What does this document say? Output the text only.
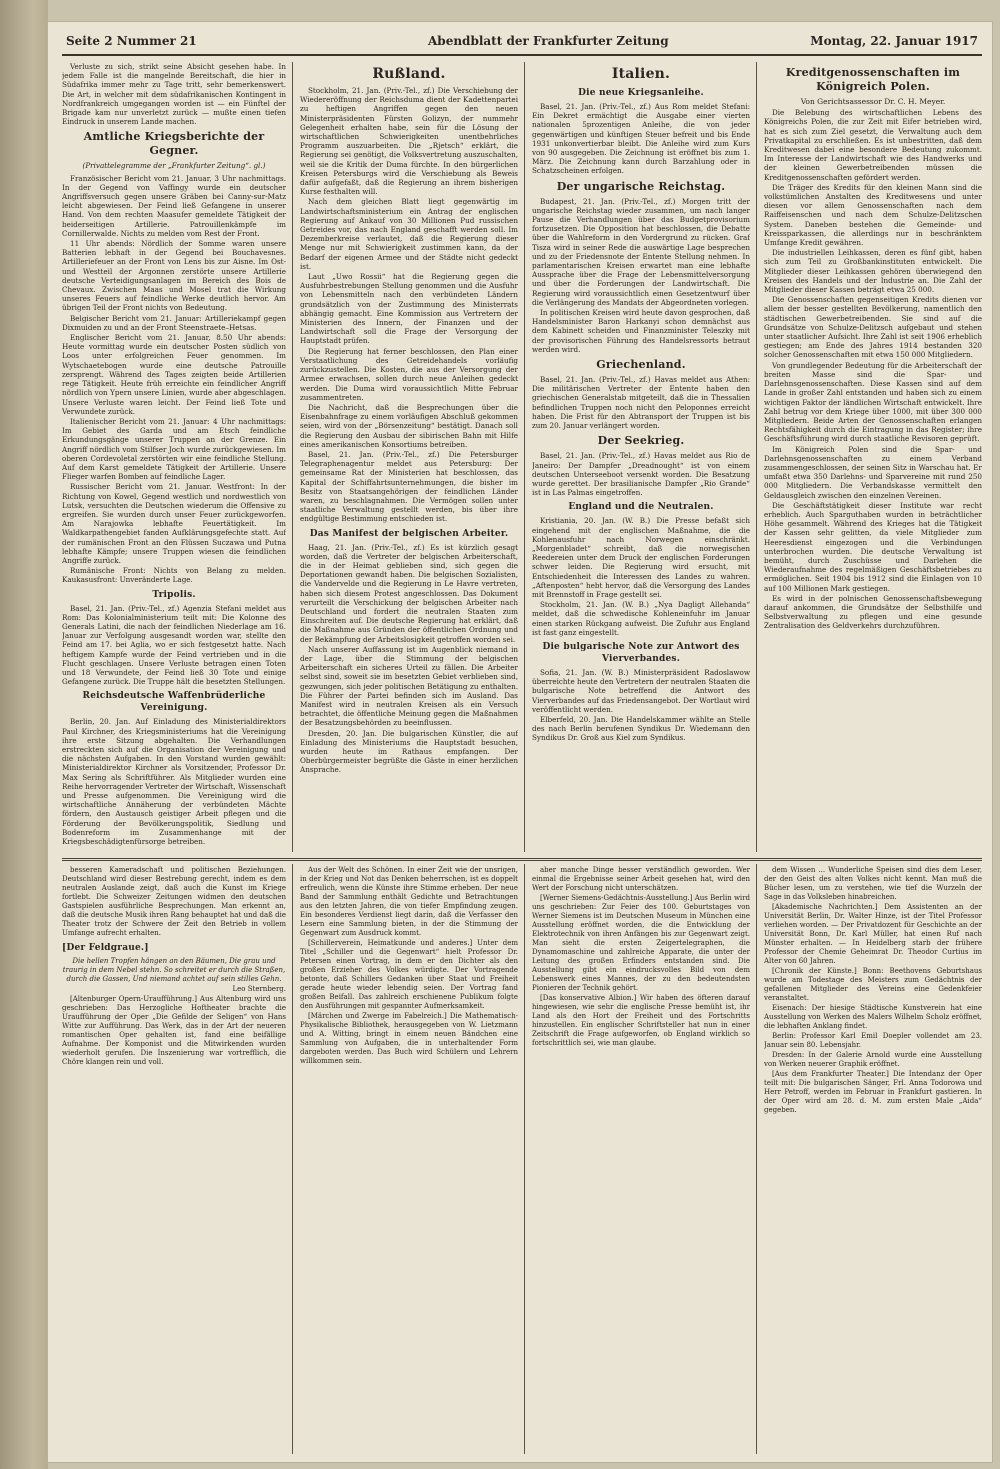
Seite 2 Nummer 21	Abendblatt der Frankfurter Zeitung	Montag, 22. Januar 1917

Verluste zu sich, strikt seine Absicht gesehen habe. In jedem Falle ist die mangelnde Bereitschaft, die hier in Südafrika immer mehr zu Tage tritt, sehr bemerkenswert. Die Art, in welcher mit dem südafrikanischen Kontingent in Nordfrankreich umgegangen worden ist — ein Fünftel der Brigade kam nur unverletzt zurück — mußte einen tiefen Eindruck in unserem Lande machen.

Amtliche Kriegsberichte der Gegner.
(Privattelegramme der „Frankfurter Zeitung“. gl.)

Französischer Bericht vom 21. Januar, 3 Uhr nachmittags. In der Gegend von Vaffingy wurde ein deutscher Angriffsversuch gegen unsere Gräben bei Canny-sur-Matz leicht abgewiesen. Der Feind ließ Gefangene in unserer Hand. Von dem rechten Maasufer gemeldete Tätigkeit der beiderseitigen Artillerie. Patrouillenkämpfe im Cornillerwalde. Nichts zu melden vom Rest der Front.

11 Uhr abends: Nördlich der Somme waren unsere Batterien lebhaft in der Gegend bei Bouchavesnes. Artilleriefeuer an der Front von Lens bis zur Aisne. Im Ost- und Westteil der Argonnen zerstörte unsere Artillerie deutsche Verteidigungsanlagen im Bereich des Bois de Chevaux. Zwischen Maas und Mosel trat die Wirkung unseres Feuers auf feindliche Werke deutlich hervor. Am übrigen Teil der Front nichts von Bedeutung.

Belgischer Bericht vom 21. Januar: Artilleriekampf gegen Dixmuiden zu und an der Front Steenstraete–Hetsas.

Englischer Bericht vom 21. Januar, 8.50 Uhr abends: Heute vormittag wurde ein deutscher Posten südlich von Loos unter erfolgreichen Feuer genommen. Im Wytschaetebogen wurde eine deutsche Patrouille zersprengt. Während des Tages zeigten beide Artillerien rege Tätigkeit. Heute früh erreichte ein feindlicher Angriff nördlich von Ypern unsere Linien, wurde aber abgeschlagen. Unsere Verluste waren leicht. Der Feind ließ Tote und Verwundete zurück.

Italienischer Bericht vom 21. Januar: 4 Uhr nachmittags: Im Gebiet des Garda und am Etsch feindliche Erkundungsgänge unserer Truppen an der Grenze. Ein Angriff nördlich vom Stilfser Joch wurde zurückgewiesen. Im oberen Cordevoletal zerstörten wir eine feindliche Stellung. Auf dem Karst gemeldete Tätigkeit der Artillerie. Unsere Flieger warfen Bomben auf feindliche Lager.

Russischer Bericht vom 21. Januar. Westfront: In der Richtung von Kowel, Gegend westlich und nordwestlich von Lutsk, versuchten die Deutschen wiederum die Offensive zu ergreifen. Sie wurden durch unser Feuer zurückgeworfen. Am Narajowka lebhafte Feuertätigkeit. Im Waldkarpathengebiet fanden Aufklärungsgefechte statt. Auf der rumänischen Front an den Flüssen Suczawa und Putna lebhafte Kämpfe; unsere Truppen wiesen die feindlichen Angriffe zurück.

Rumänische Front: Nichts von Belang zu melden. Kaukasusfront: Unveränderte Lage.

Tripolis.

Basel, 21. Jan. (Priv.-Tel., zf.) Agenzia Stefani meldet aus Rom: Das Kolonialministerium teilt mit: Die Kolonne des Generals Latini, die nach der feindlichen Niederlage am 16. Januar zur Verfolgung ausgesandt worden war, stellte den Feind am 17. bei Aglia, wo er sich festgesetzt hatte. Nach heftigem Kampfe wurde der Feind vertrieben und in die Flucht geschlagen. Unsere Verluste betragen einen Toten und 18 Verwundete, der Feind ließ 30 Tote und einige Gefangene zurück. Die Truppe hält die besetzten Stellungen.

Reichsdeutsche Waffenbrüderliche Vereinigung.

Berlin, 20. Jan. Auf Einladung des Ministerialdirektors Paul Kirchner, des Kriegsministeriums hat die Vereinigung ihre erste Sitzung abgehalten. Die Verhandlungen erstreckten sich auf die Organisation der Vereinigung und die nächsten Aufgaben. In den Vorstand wurden gewählt: Ministerialdirektor Kirchner als Vorsitzender, Professor Dr. Max Sering als Schriftführer. Als Mitglieder wurden eine Reihe hervorragender Vertreter der Wirtschaft, Wissenschaft und Presse aufgenommen. Die Vereinigung wird die wirtschaftliche Annäherung der verbündeten Mächte fördern, den Austausch geistiger Arbeit pflegen und die Förderung der Bevölkerungspolitik, Siedlung und Bodenreform im Zusammenhange mit der Kriegsbeschädigtenfürsorge betreiben.

Rußland.

Stockholm, 21. Jan. (Priv.-Tel., zf.) Die Verschiebung der Wiedereröffnung der Reichsduma dient der Kadettenpartei zu heftigen Angriffen gegen den neuen Ministerpräsidenten Fürsten Golizyn, der nummehr Gelegenheit erhalten habe, sein für die Lösung der wirtschaftlichen Schwierigkeiten unentbehrliches Programm auszuarbeiten. Die „Rjetsch“ erklärt, die Regierung sei genötigt, die Volksvertretung auszuschalten, weil sie die Kritik der Duma fürchte. In den bürgerlichen Kreisen Petersburgs wird die Verschiebung als Beweis dafür aufgefaßt, daß die Regierung an ihrem bisherigen Kurse festhalten will.

Nach dem gleichen Blatt liegt gegenwärtig im Landwirtschaftsministerium ein Antrag der englischen Regierung auf Ankauf von 30 Millionen Pud russischen Getreides vor, das nach England geschafft werden soll. Im Dezemberkreise verlautet, daß die Regierung dieser Menge nur mit Schwierigkeit zustimmen kann, da der Bedarf der eigenen Armee und der Städte nicht gedeckt ist.

Laut „Uwo Rossii“ hat die Regierung gegen die Ausfuhrbestrebungen Stellung genommen und die Ausfuhr von Lebensmitteln nach den verbündeten Ländern grundsätzlich von der Zustimmung des Ministerrats abhängig gemacht. Eine Kommission aus Vertretern der Ministerien des Innern, der Finanzen und der Landwirtschaft soll die Frage der Versorgung der Hauptstadt prüfen.

Die Regierung hat ferner beschlossen, den Plan einer Verstaatlichung des Getreidehandels vorläufig zurückzustellen. Die Kosten, die aus der Versorgung der Armee erwachsen, sollen durch neue Anleihen gedeckt werden. Die Duma wird voraussichtlich Mitte Februar zusammentreten.

Die Nachricht, daß die Besprechungen über die Eisenbahnfrage zu einem vorläufigen Abschluß gekommen seien, wird von der „Börsenzeitung“ bestätigt. Danach soll die Regierung den Ausbau der sibirischen Bahn mit Hilfe eines amerikanischen Konsortiums betreiben.

Basel, 21. Jan. (Priv.-Tel., zf.) Die Petersburger Telegraphenagentur meldet aus Petersburg: Der gemeinsame Rat der Ministerien hat beschlossen, das Kapital der Schiffahrtsunternehmungen, die bisher im Besitz von Staatsangehörigen der feindlichen Länder waren, zu beschlagnahmen. Die Vermögen sollen unter staatliche Verwaltung gestellt werden, bis über ihre endgültige Bestimmung entschieden ist.

Das Manifest der belgischen Arbeiter.

Haag, 21. Jan. (Priv.-Tel., zf.) Es ist kürzlich gesagt worden, daß die Vertreter der belgischen Arbeiterschaft, die in der Heimat geblieben sind, sich gegen die Deportationen gewandt haben. Die belgischen Sozialisten, die Vandervelde und die Regierung in Le Havre vertreten, haben sich diesem Protest angeschlossen. Das Dokument verurteilt die Verschickung der belgischen Arbeiter nach Deutschland und fordert die neutralen Staaten zum Einschreiten auf. Die deutsche Regierung hat erklärt, daß die Maßnahme aus Gründen der öffentlichen Ordnung und der Bekämpfung der Arbeitslosigkeit getroffen worden sei.

Nach unserer Auffassung ist im Augenblick niemand in der Lage, über die Stimmung der belgischen Arbeiterschaft ein sicheres Urteil zu fällen. Die Arbeiter selbst sind, soweit sie im besetzten Gebiet verblieben sind, gezwungen, sich jeder politischen Betätigung zu enthalten. Die Führer der Partei befinden sich im Ausland. Das Manifest wird in neutralen Kreisen als ein Versuch betrachtet, die öffentliche Meinung gegen die Maßnahmen der Besatzungsbehörden zu beeinflussen.

Dresden, 20. Jan. Die bulgarischen Künstler, die auf Einladung des Ministeriums die Hauptstadt besuchen, wurden heute im Rathaus empfangen. Der Oberbürgermeister begrüßte die Gäste in einer herzlichen Ansprache.

Italien.
Die neue Kriegsanleihe.

Basel, 21. Jan. (Priv.-Tel., zf.) Aus Rom meldet Stefani: Ein Dekret ermächtigt die Ausgabe einer vierten nationalen 5prozentigen Anleihe, die von jeder gegenwärtigen und künftigen Steuer befreit und bis Ende 1931 unkonvertierbar bleibt. Die Anleihe wird zum Kurs von 90 ausgegeben. Die Zeichnung ist eröffnet bis zum 1. März. Die Zeichnung kann durch Barzahlung oder in Schatzscheinen erfolgen.

Der ungarische Reichstag.

Budapest, 21. Jan. (Priv.-Tel., zf.) Morgen tritt der ungarische Reichstag wieder zusammen, um nach langer Pause die Verhandlungen über das Budgetprovisorium fortzusetzen. Die Opposition hat beschlossen, die Debatte über die Wahlreform in den Vordergrund zu rücken. Graf Tisza wird in seiner Rede die auswärtige Lage besprechen und zu der Friedensnote der Entente Stellung nehmen. In parlamentarischen Kreisen erwartet man eine lebhafte Aussprache über die Frage der Lebensmittelversorgung und über die Forderungen der Landwirtschaft. Die Regierung wird voraussichtlich einen Gesetzentwurf über die Verlängerung des Mandats der Abgeordneten vorlegen.

In politischen Kreisen wird heute davon gesprochen, daß Handelsminister Baron Harkanyi schon demnächst aus dem Kabinett scheiden und Finanzminister Teleszky mit der provisorischen Führung des Handelsressorts betraut werden wird.

Griechenland.

Basel, 21. Jan. (Priv.-Tel., zf.) Havas meldet aus Athen: Die militärischen Vertreter der Entente haben den griechischen Generalstab mitgeteilt, daß die in Thessalien befindlichen Truppen noch nicht den Peloponnes erreicht haben. Die Frist für den Abtransport der Truppen ist bis zum 20. Januar verlängert worden.

Der Seekrieg.

Basel, 21. Jan. (Priv.-Tel., zf.) Havas meldet aus Rio de Janeiro: Der Dampfer „Dreadnought“ ist von einem deutschen Unterseeboot versenkt worden. Die Besatzung wurde gerettet. Der brasilianische Dampfer „Rio Grande“ ist in Las Palmas eingetroffen.

England und die Neutralen.

Kristiania, 20. Jan. (W. B.) Die Presse befaßt sich eingehend mit der englischen Maßnahme, die die Kohlenausfuhr nach Norwegen einschränkt. „Morgenbladet“ schreibt, daß die norwegischen Reedereien unter dem Druck der englischen Forderungen schwer leiden. Die Regierung wird ersucht, mit Entschiedenheit die Interessen des Landes zu wahren. „Aftenposten“ hebt hervor, daß die Versorgung des Landes mit Brennstoff in Frage gestellt sei.

Stockholm, 21. Jan. (W. B.) „Nya Dagligt Allehanda“ meldet, daß die schwedische Kohleneinfuhr im Januar einen starken Rückgang aufweist. Die Zufuhr aus England ist fast ganz eingestellt.

Die bulgarische Note zur Antwort des Vierverbandes.

Sofia, 21. Jan. (W. B.) Ministerpräsident Radoslawow überreichte heute den Vertretern der neutralen Staaten die bulgarische Note betreffend die Antwort des Vierverbandes auf das Friedensangebot. Der Wortlaut wird veröffentlicht werden.

Elberfeld, 20. Jan. Die Handelskammer wählte an Stelle des nach Berlin berufenen Syndikus Dr. Wiedemann den Syndikus Dr. Groß aus Kiel zum Syndikus.

Kreditgenossenschaften im Königreich Polen.
Von Gerichtsassessor Dr. C. H. Meyer.

Die Belebung des wirtschaftlichen Lebens des Königreichs Polen, die zur Zeit mit Eifer betrieben wird, hat es sich zum Ziel gesetzt, die Verwaltung auch dem Privatkapital zu erschließen. Es ist unbestritten, daß dem Kreditwesen dabei eine besondere Bedeutung zukommt. Im Interesse der Landwirtschaft wie des Handwerks und der kleinen Gewerbetreibenden müssen die Kreditgenossenschaften gefördert werden.

Die Träger des Kredits für den kleinen Mann sind die volkstümlichen Anstalten des Kreditwesens und unter diesen vor allem Genossenschaften nach dem Raiffeisenschen und nach dem Schulze-Delitzschen System. Daneben bestehen die Gemeinde- und Kreissparkassen, die allerdings nur in beschränktem Umfange Kredit gewähren.

Die industriellen Leihkassen, deren es fünf gibt, haben sich zum Teil zu Großbankinstituten entwickelt. Die Mitglieder dieser Leihkassen gehören überwiegend den Kreisen des Handels und der Industrie an. Die Zahl der Mitglieder dieser Kassen beträgt etwa 25 000.

Die Genossenschaften gegenseitigen Kredits dienen vor allem der besser gestellten Bevölkerung, namentlich den städtischen Gewerbetreibenden. Sie sind auf die Grundsätze von Schulze-Delitzsch aufgebaut und stehen unter staatlicher Aufsicht. Ihre Zahl ist seit 1906 erheblich gestiegen; am Ende des Jahres 1914 bestanden 320 solcher Genossenschaften mit etwa 150 000 Mitgliedern.

Von grundlegender Bedeutung für die Arbeiterschaft der breiten Masse sind die Spar- und Darlehnsgenossenschaften. Diese Kassen sind auf dem Lande in großer Zahl entstanden und haben sich zu einem wichtigen Faktor der ländlichen Wirtschaft entwickelt. Ihre Zahl betrug vor dem Kriege über 1000, mit über 300 000 Mitgliedern. Beide Arten der Genossenschaften erlangen Rechtsfähigkeit durch die Eintragung in das Register; ihre Geschäftsführung wird durch staatliche Revisoren geprüft.

Im Königreich Polen sind die Spar- und Darlehnsgenossenschaften zu einem Verband zusammengeschlossen, der seinen Sitz in Warschau hat. Er umfaßt etwa 350 Darlehns- und Sparvereine mit rund 250 000 Mitgliedern. Die Verbandskasse vermittelt den Geldausgleich zwischen den einzelnen Vereinen.

Die Geschäftstätigkeit dieser Institute war recht erheblich. Auch Sparguthaben wurden in beträchtlicher Höhe gesammelt. Während des Krieges hat die Tätigkeit der Kassen sehr gelitten, da viele Mitglieder zum Heeresdienst eingezogen und die Verbindungen unterbrochen wurden. Die deutsche Verwaltung ist bemüht, durch Zuschüsse und Darlehen die Wiederaufnahme des regelmäßigen Geschäftsbetriebes zu ermöglichen. Seit 1904 bis 1912 sind die Einlagen von 10 auf 100 Millionen Mark gestiegen.

Es wird in der polnischen Genossenschaftsbewegung darauf ankommen, die Grundsätze der Selbsthilfe und Selbstverwaltung zu pflegen und eine gesunde Zentralisation des Geldverkehrs durchzuführen.

besseren Kameradschaft und politischen Beziehungen. Deutschland wird dieser Bestrebung gerecht, indem es dem neutralen Auslande zeigt, daß auch die Kunst im Kriege fortlebt. Die Schweizer Zeitungen widmen den deutschen Gastspielen ausführliche Besprechungen. Man erkennt an, daß die deutsche Musik ihren Rang behauptet hat und daß die Theater trotz der Schwere der Zeit den Betrieb in vollem Umfange aufrecht erhalten.

[Der Feldgraue.]

Die hellen Tropfen hängen an den Bäumen, Die grau und traurig in dem Nebel stehn. So schreitet er durch die Straßen, durch die Gassen, Und niemand achtet auf sein stilles Gehn.

Leo Sternberg.

[Altenburger Opern-Uraufführung.] Aus Altenburg wird uns geschrieben: Das Herzogliche Hoftheater brachte die Uraufführung der Oper „Die Gefilde der Seligen“ von Hans Witte zur Aufführung. Das Werk, das in der Art der neueren romantischen Oper gehalten ist, fand eine beifällige Aufnahme. Der Komponist und die Mitwirkenden wurden wiederholt gerufen. Die Inszenierung war vortrefflich, die Chöre klangen rein und voll.

Aus der Welt des Schönen. In einer Zeit wie der unsrigen, in der Krieg und Not das Denken beherrschen, ist es doppelt erfreulich, wenn die Künste ihre Stimme erheben. Der neue Band der Sammlung enthält Gedichte und Betrachtungen aus den letzten Jahren, die von tiefer Empfindung zeugen. Ein besonderes Verdienst liegt darin, daß die Verfasser den Lesern eine Sammlung bieten, in der die Stimmung der Gegenwart zum Ausdruck kommt.

[Schillerverein, Heimatkunde und anderes.] Unter dem Titel „Schiller und die Gegenwart“ hielt Professor Dr. Petersen einen Vortrag, in dem er den Dichter als den großen Erzieher des Volkes würdigte. Der Vortragende betonte, daß Schillers Gedanken über Staat und Freiheit gerade heute wieder lebendig seien. Der Vortrag fand großen Beifall. Das zahlreich erschienene Publikum folgte den Ausführungen mit gespannter Aufmerksamkeit.

[Märchen und Zwerge im Fabelreich.] Die Mathematisch-Physikalische Bibliothek, herausgegeben von W. Lietzmann und A. Witting, bringt in einem neuen Bändchen eine Sammlung von Aufgaben, die in unterhaltender Form dargeboten werden. Das Buch wird Schülern und Lehrern willkommen sein.

aber manche Dinge besser verständlich geworden. Wer einmal die Ergebnisse seiner Arbeit gesehen hat, wird den Wert der Forschung nicht unterschätzen.

[Werner Siemens-Gedächtnis-Ausstellung.] Aus Berlin wird uns geschrieben: Zur Feier des 100. Geburtstages von Werner Siemens ist im Deutschen Museum in München eine Ausstellung eröffnet worden, die die Entwicklung der Elektrotechnik von ihren Anfängen bis zur Gegenwart zeigt. Man sieht die ersten Zeigertelegraphen, die Dynamomaschine und zahlreiche Apparate, die unter der Leitung des großen Erfinders entstanden sind. Die Ausstellung gibt ein eindrucksvolles Bild von dem Lebenswerk eines Mannes, der zu den bedeutendsten Pionieren der Technik gehört.

[Das konservative Albion.] Wir haben des öfteren darauf hingewiesen, wie sehr die englische Presse bemüht ist, ihr Land als den Hort der Freiheit und des Fortschritts hinzustellen. Ein englischer Schriftsteller hat nun in einer Zeitschrift die Frage aufgeworfen, ob England wirklich so fortschrittlich sei, wie man glaube.

dem Wissen ... Wunderliche Speisen sind dies dem Leser, der den Geist des alten Volkes nicht kennt. Man muß die Bücher lesen, um zu verstehen, wie tief die Wurzeln der Sage in das Volksleben hinabreichen.

[Akademische Nachrichten.] Dem Assistenten an der Universität Berlin, Dr. Walter Hinze, ist der Titel Professor verliehen worden. — Der Privatdozent für Geschichte an der Universität Bonn, Dr. Karl Müller, hat einen Ruf nach Münster erhalten. — In Heidelberg starb der frühere Professor der Chemie Geheimrat Dr. Theodor Curtius im Alter von 60 Jahren.

[Chronik der Künste.] Bonn: Beethovens Geburtshaus wurde am Todestage des Meisters zum Gedächtnis der gefallenen Mitglieder des Vereins eine Gedenkfeier veranstaltet.

Eisenach: Der hiesige Städtische Kunstverein hat eine Ausstellung von Werken des Malers Wilhelm Scholz eröffnet, die lebhaften Anklang findet.

Berlin: Professor Karl Emil Doepler vollendet am 23. Januar sein 80. Lebensjahr.

Dresden: In der Galerie Arnold wurde eine Ausstellung von Werken neuerer Graphik eröffnet.

[Aus dem Frankfurter Theater.] Die Intendanz der Oper teilt mit: Die bulgarischen Sänger, Frl. Anna Todorowa und Herr Petroff, werden im Februar in Frankfurt gastieren. In der Oper wird am 28. d. M. zum ersten Male „Aida“ gegeben.
